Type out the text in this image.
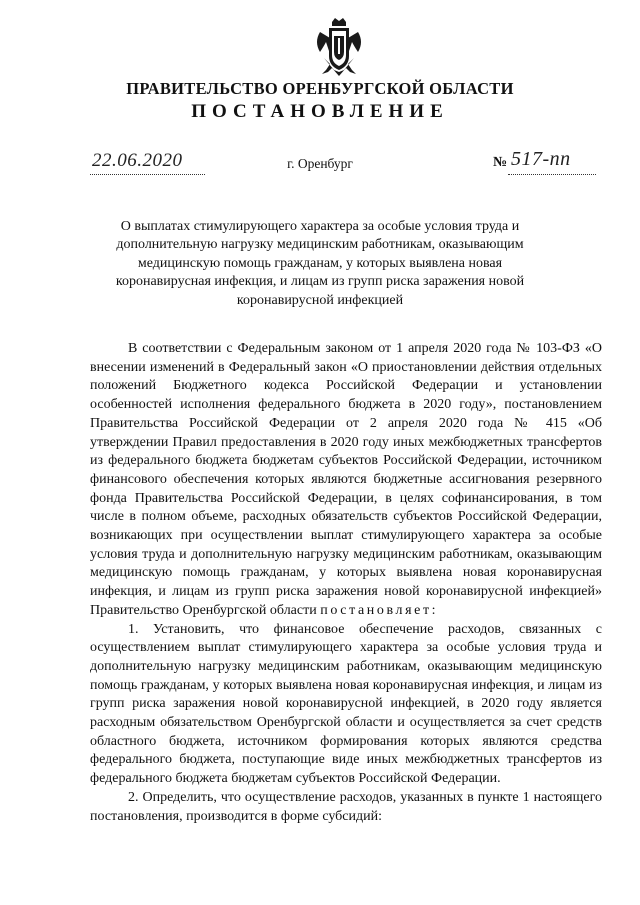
ПРАВИТЕЛЬСТВО ОРЕНБУРГСКОЙ ОБЛАСТИ
ПОСТАНОВЛЕНИЕ
22.06.2020	г. Оренбург	№ 517-пп

О выплатах стимулирующего характера за особые условия труда и дополнительную нагрузку медицинским работникам, оказывающим медицинскую помощь гражданам, у которых выявлена новая коронавирусная инфекция, и лицам из групп риска заражения новой коронавирусной инфекцией

В соответствии с Федеральным законом от 1 апреля 2020 года № 103-ФЗ «О внесении изменений в Федеральный закон «О приостановлении действия отдельных положений Бюджетного кодекса Российской Федерации и установлении особенностей исполнения федерального бюджета в 2020 году», постановлением Правительства Российской Федерации от 2 апреля 2020 года № 415 «Об утверждении Правил предоставления в 2020 году иных межбюджетных трансфертов из федерального бюджета бюджетам субъектов Российской Федерации, источником финансового обеспечения которых являются бюджетные ассигнования резервного фонда Правительства Российской Федерации, в целях софинансирования, в том числе в полном объеме, расходных обязательств субъектов Российской Федерации, возникающих при осуществлении выплат стимулирующего характера за особые условия труда и дополнительную нагрузку медицинским работникам, оказывающим медицинскую помощь гражданам, у которых выявлена новая коронавирусная инфекция, и лицам из групп риска заражения новой коронавирусной инфекцией» Правительство Оренбургской области постановляет:

1. Установить, что финансовое обеспечение расходов, связанных с осуществлением выплат стимулирующего характера за особые условия труда и дополнительную нагрузку медицинским работникам, оказывающим медицинскую помощь гражданам, у которых выявлена новая коронавирусная инфекция, и лицам из групп риска заражения новой коронавирусной инфекцией, в 2020 году является расходным обязательством Оренбургской области и осуществляется за счет средств областного бюджета, источником формирования которых являются средства федерального бюджета, поступающие виде иных межбюджетных трансфертов из федерального бюджета бюджетам субъектов Российской Федерации.

2. Определить, что осуществление расходов, указанных в пункте 1 настоящего постановления, производится в форме субсидий:
